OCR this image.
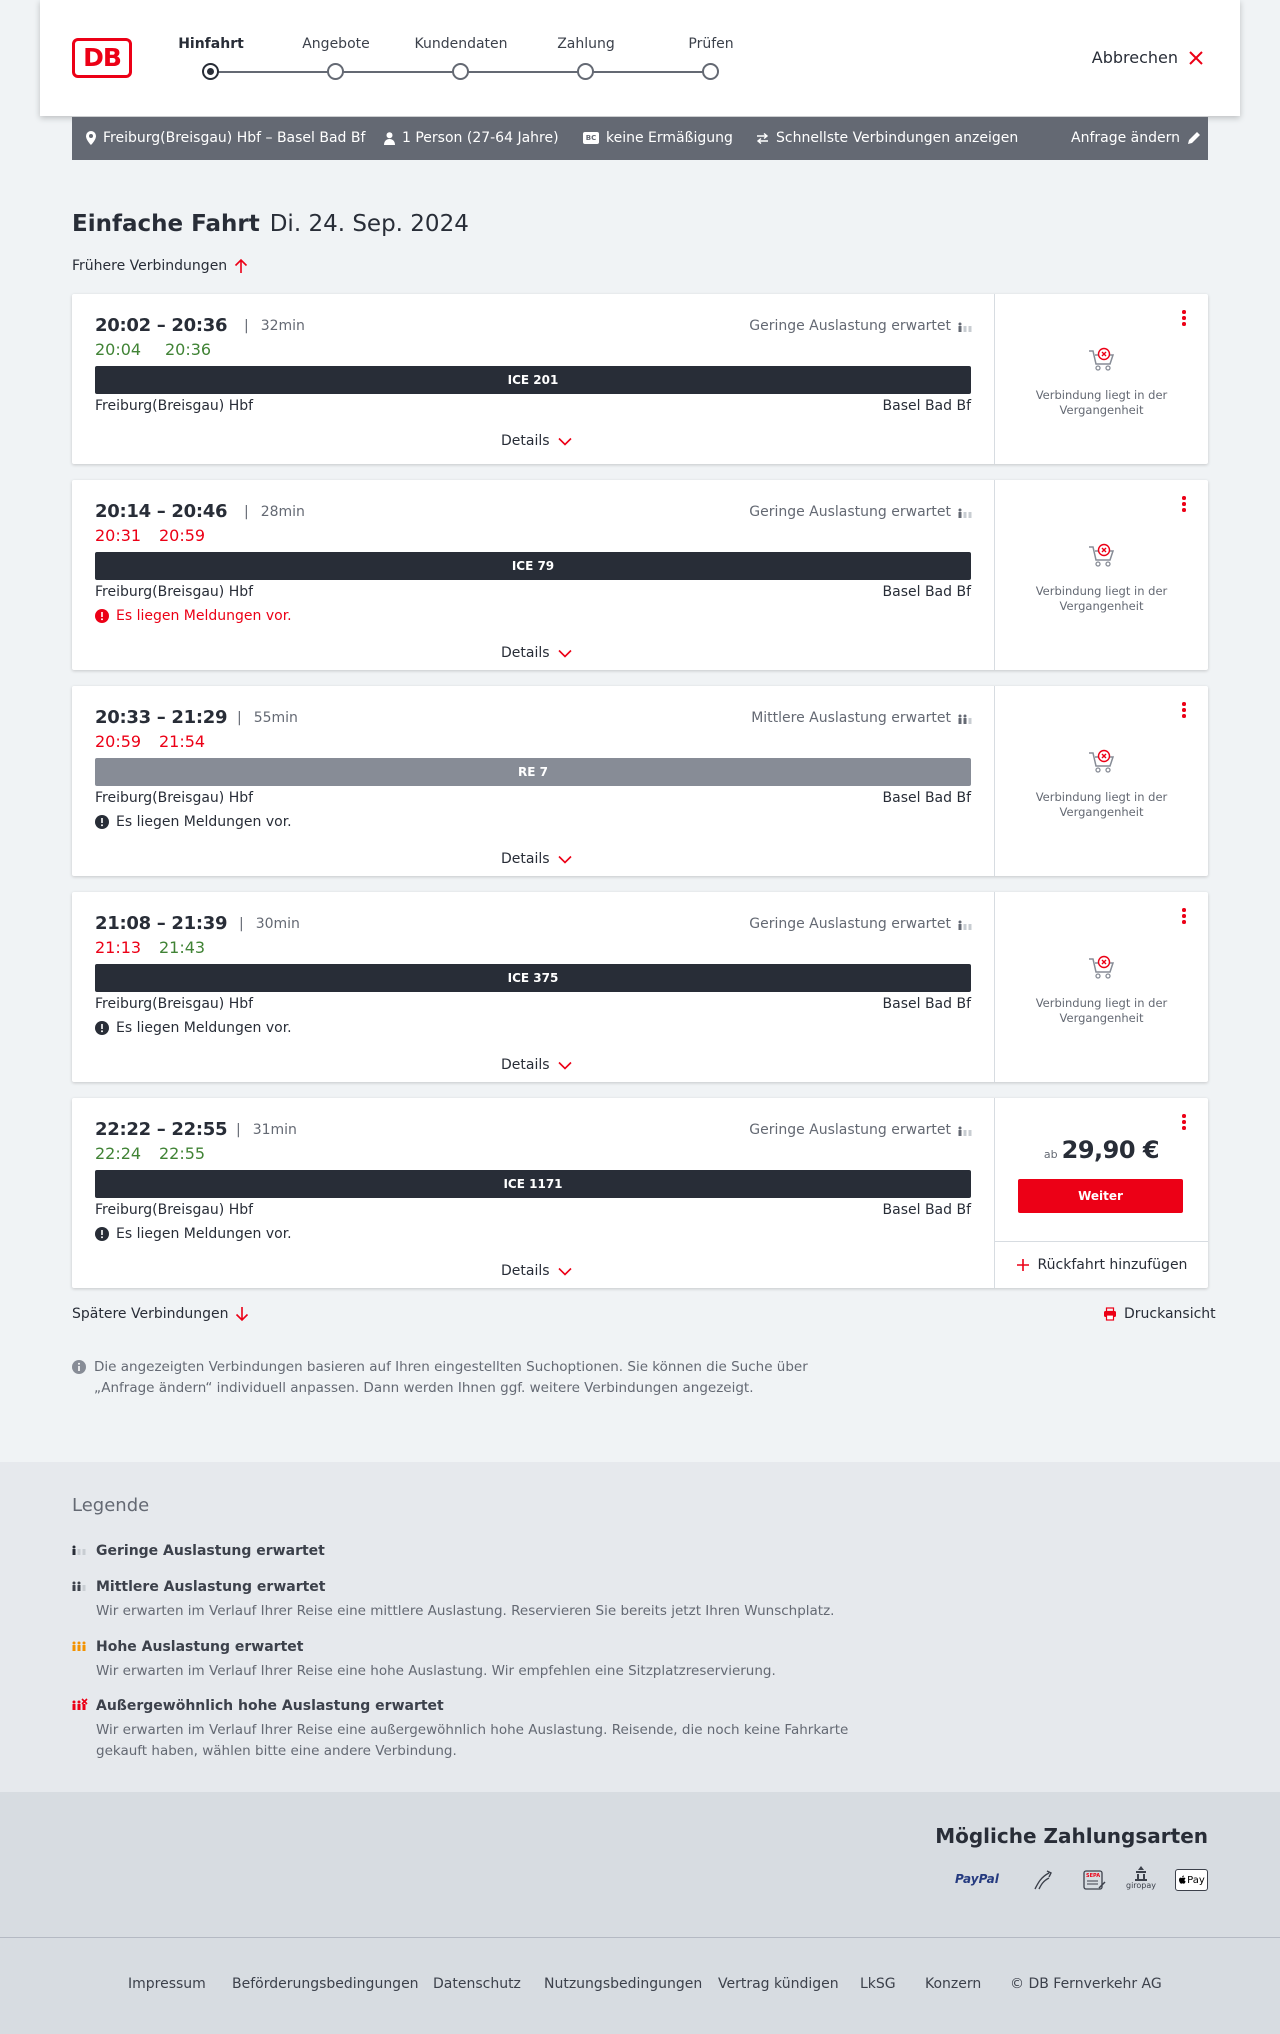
DB	Hinfahrt	Angebote	Kundendaten	Zahlung	Prüfen
Abbrechen
Freiburg(Breisgau) Hbf – Basel Bad Bf	1 Person (27-64 Jahre)	BC keine Ermäßigung	Schnellste Verbindungen anzeigen	Anfrage ändern
Einfache Fahrt Di. 24. Sep. 2024
Frühere Verbindungen
20:02 – 20:36	| 32min
20:04 20:36
Geringe Auslastung erwartet
ICE 201
Freiburg(Breisgau) Hbf	Basel Bad Bf
Details
Verbindung liegt in der Vergangenheit
20:14 – 20:46	| 28min
20:31 20:59
Geringe Auslastung erwartet
ICE 79
Freiburg(Breisgau) Hbf	Basel Bad Bf
Es liegen Meldungen vor.
Details
Verbindung liegt in der Vergangenheit
20:33 – 21:29	| 55min
20:59 21:54
Mittlere Auslastung erwartet
RE 7
Freiburg(Breisgau) Hbf	Basel Bad Bf
Es liegen Meldungen vor.
Details
Verbindung liegt in der Vergangenheit
21:08 – 21:39	| 30min
21:13 21:43
Geringe Auslastung erwartet
ICE 375
Freiburg(Breisgau) Hbf	Basel Bad Bf
Es liegen Meldungen vor.
Details
Verbindung liegt in der Vergangenheit
22:22 – 22:55	| 31min
22:24 22:55
Geringe Auslastung erwartet
ICE 1171
Freiburg(Breisgau) Hbf	Basel Bad Bf
Es liegen Meldungen vor.
Details
ab 29,90 €
Weiter
Rückfahrt hinzufügen
Spätere Verbindungen	Druckansicht
Die angezeigten Verbindungen basieren auf Ihren eingestellten Suchoptionen. Sie können die Suche über „Anfrage ändern“ individuell anpassen. Dann werden Ihnen ggf. weitere Verbindungen angezeigt.
Legende
Geringe Auslastung erwartet
Mittlere Auslastung erwartet
Wir erwarten im Verlauf Ihrer Reise eine mittlere Auslastung. Reservieren Sie bereits jetzt Ihren Wunschplatz.
Hohe Auslastung erwartet
Wir erwarten im Verlauf Ihrer Reise eine hohe Auslastung. Wir empfehlen eine Sitzplatzreservierung.
Außergewöhnlich hohe Auslastung erwartet
Wir erwarten im Verlauf Ihrer Reise eine außergewöhnlich hohe Auslastung. Reisende, die noch keine Fahrkarte gekauft haben, wählen bitte eine andere Verbindung.
Mögliche Zahlungsarten
PayPal	SEPA
giropay	Pay
Impressum Beförderungsbedingungen Datenschutz Nutzungsbedingungen Vertrag kündigen LkSG Konzern © DB Fernverkehr AG
